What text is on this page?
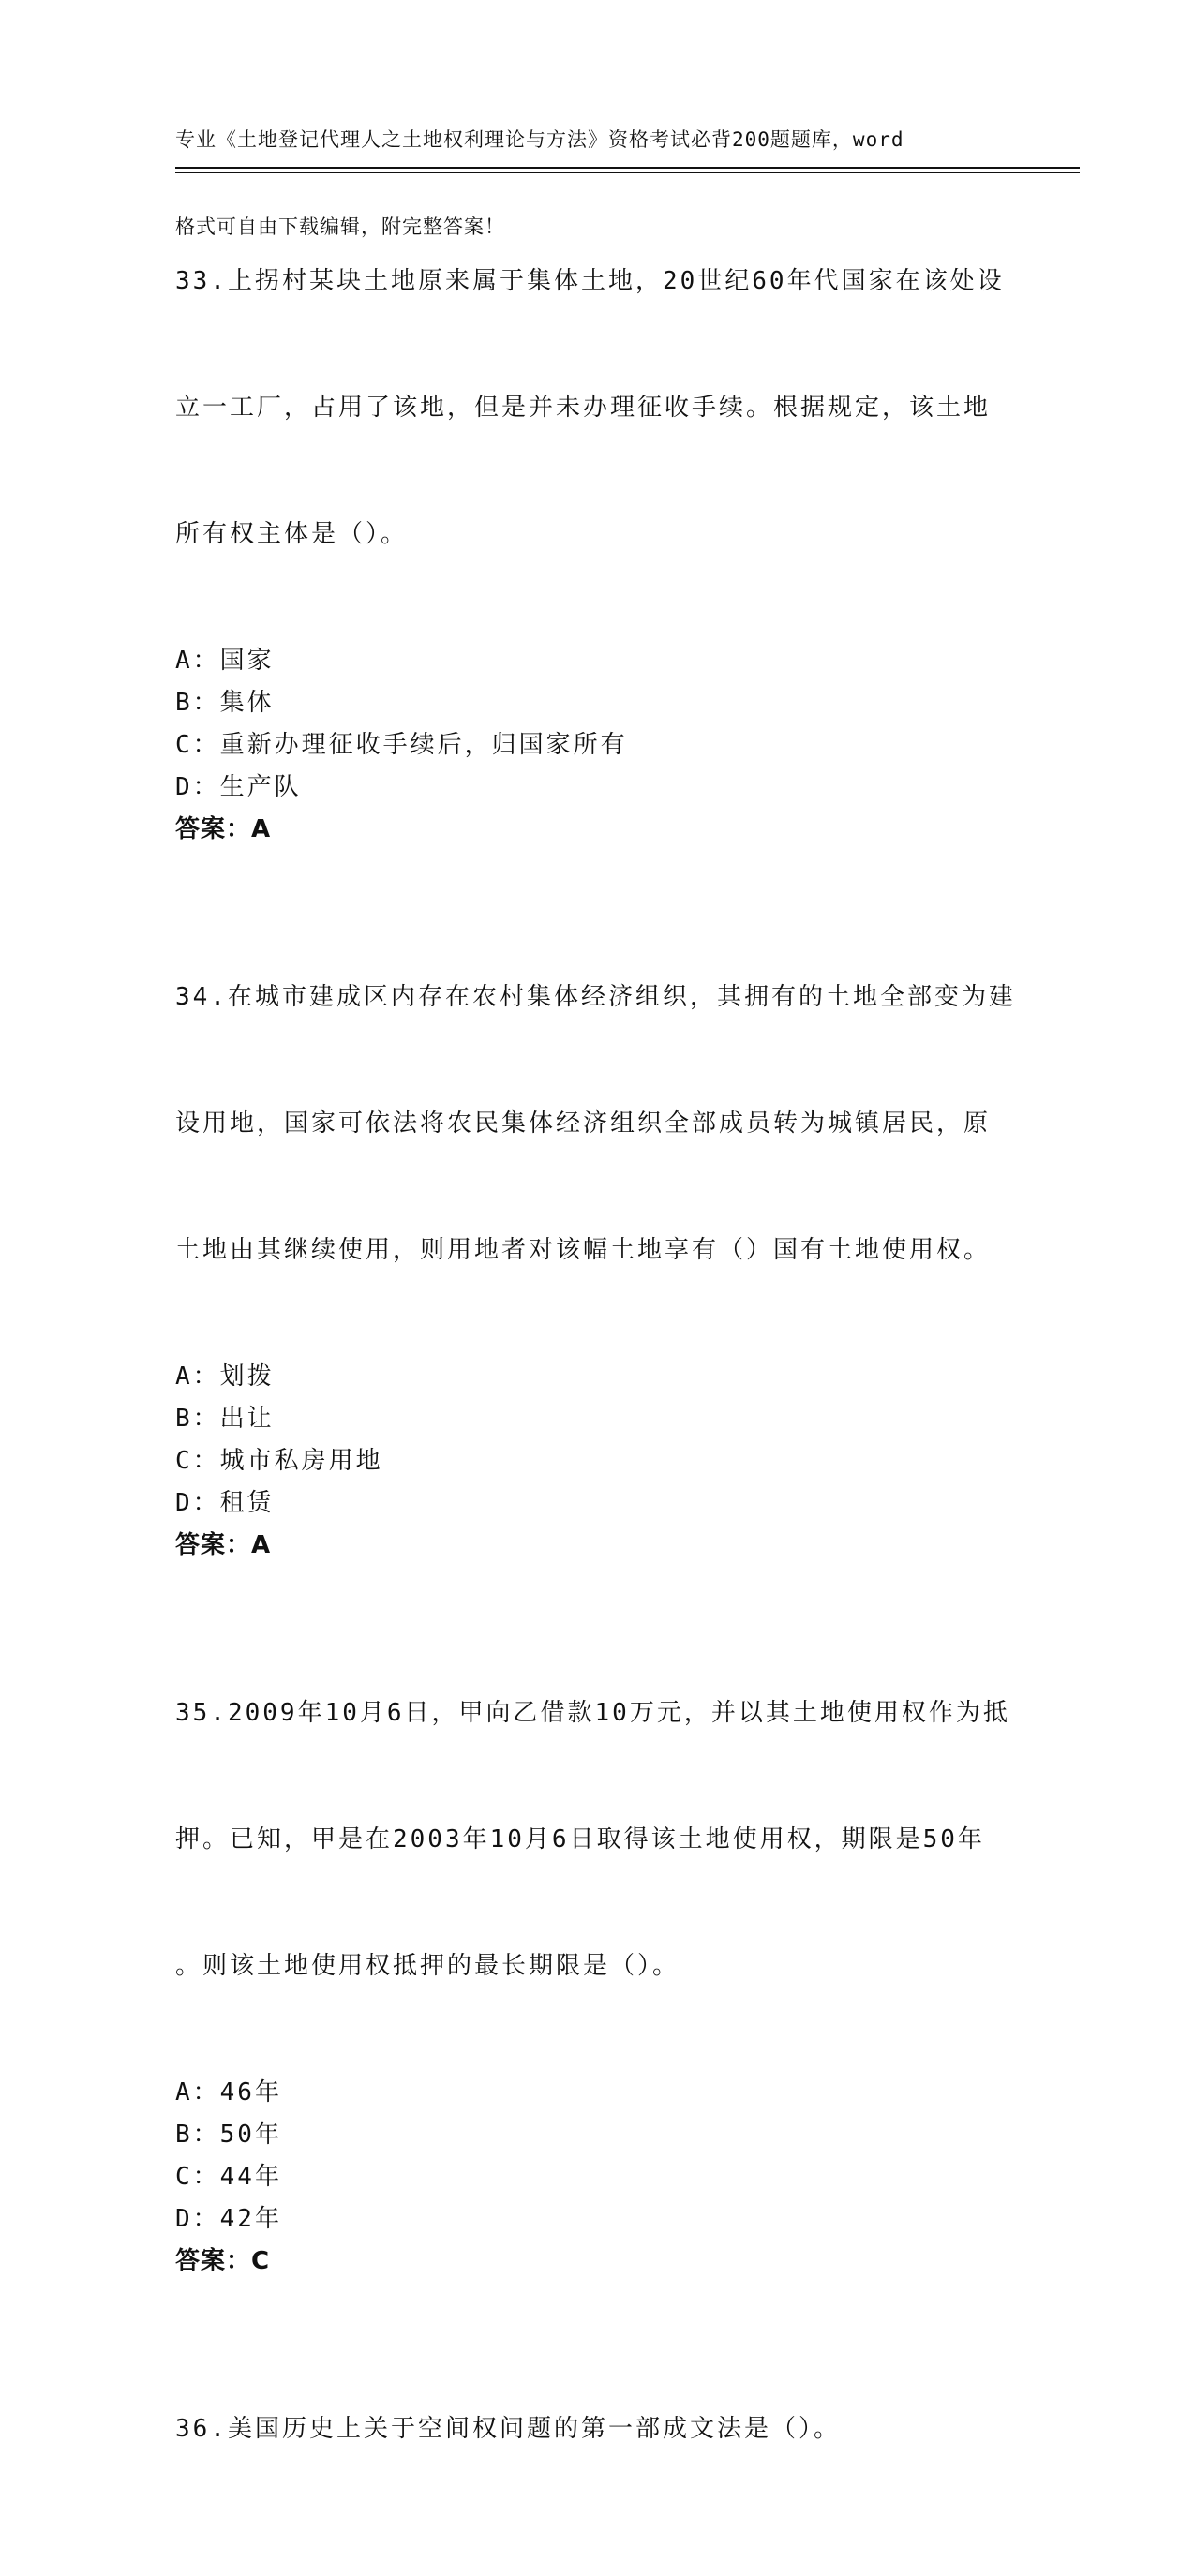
专业《土地登记代理人之土地权利理论与方法》资格考试必背200题题库，word

格式可自由下载编辑，附完整答案！

33.上拐村某块土地原来属于集体土地，20世纪60年代国家在该处设

立一工厂，占用了该地，但是并未办理征收手续。根据规定，该土地

所有权主体是（）。

A：国家
B：集体
C：重新办理征收手续后，归国家所有
D：生产队
答案：A

34.在城市建成区内存在农村集体经济组织，其拥有的土地全部变为建

设用地，国家可依法将农民集体经济组织全部成员转为城镇居民，原

土地由其继续使用，则用地者对该幅土地享有（）国有土地使用权。

A：划拨
B：出让
C：城市私房用地
D：租赁
答案：A

35.2009年10月6日，甲向乙借款10万元，并以其土地使用权作为抵

押。已知，甲是在2003年10月6日取得该土地使用权，期限是50年

。则该土地使用权抵押的最长期限是（）。

A：46年
B：50年
C：44年
D：42年
答案：C

36.美国历史上关于空间权问题的第一部成文法是（）。
